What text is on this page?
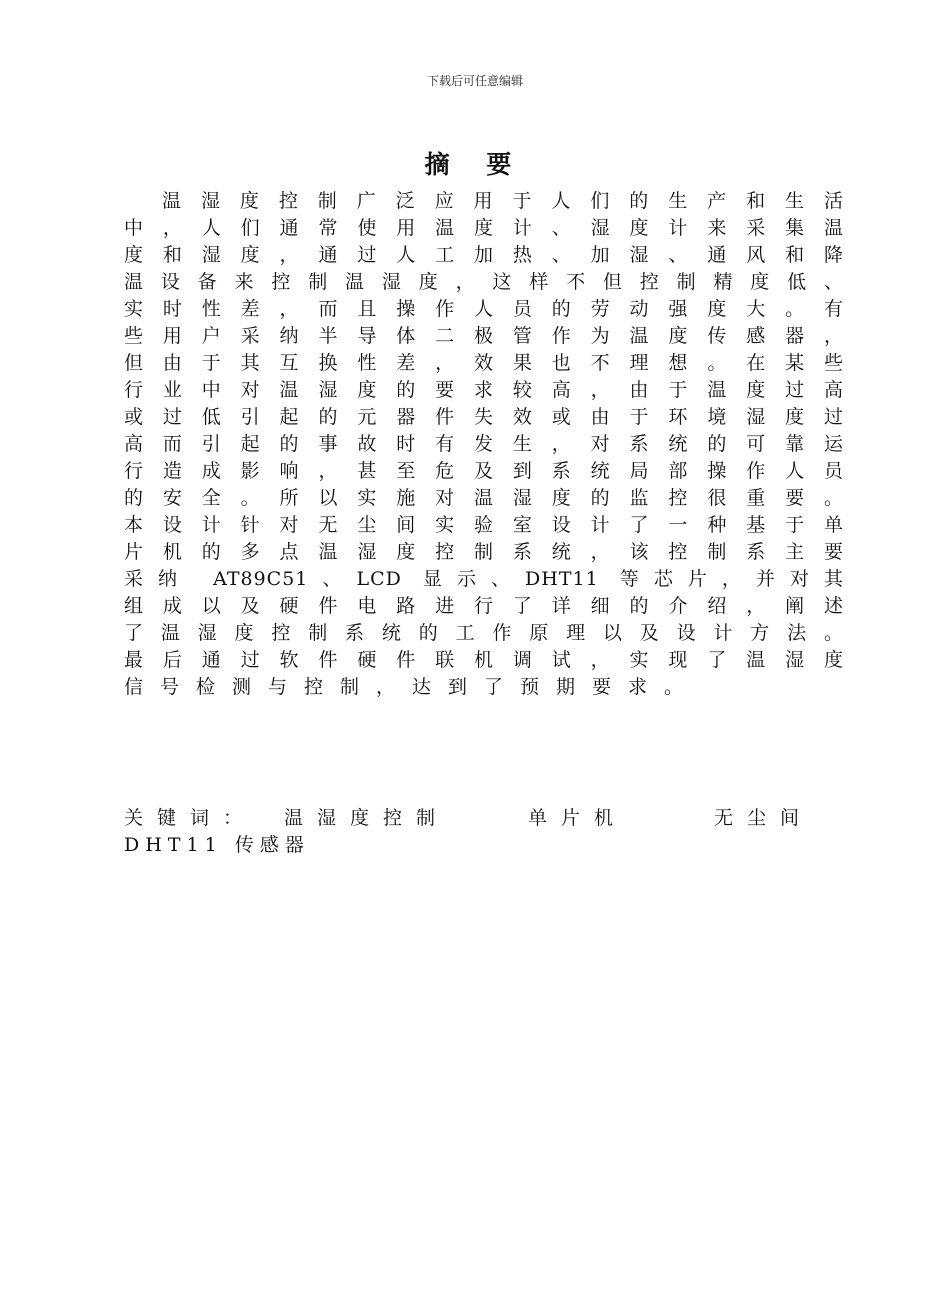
下载后可任意编辑
摘 要
温湿度控制广泛应用于人们的生产和生活
中，人们通常使用温度计、湿度计来采集温
度和湿度，通过人工加热、加湿、通风和降
温设备来控制温湿度，这样不但控制精度低、
实时性差，而且操作人员的劳动强度大。有
些用户采纳半导体二极管作为温度传感器，
但由于其互换性差，效果也不理想。在某些
行业中对温湿度的要求较高，由于温度过高
或过低引起的元器件失效或由于环境湿度过
高而引起的事故时有发生，对系统的可靠运
行造成影响，甚至危及到系统局部操作人员
的安全。所以实施对温湿度的监控很重要。
本设计针对无尘间实验室设计了一种基于单
片机的多点温湿度控制系统，该控制系主要
采纳 AT89C51、LCD 显示、DHT11 等芯片，并对其
组成以及硬件电路进行了详细的介绍，阐述
了温湿度控制系统的工作原理以及设计方法。
最后通过软件硬件联机调试，实现了温湿度
信号检测与控制，达到了预期要求。
关键词： 温湿度控制	单片机	无尘间
DHT11 传感器
